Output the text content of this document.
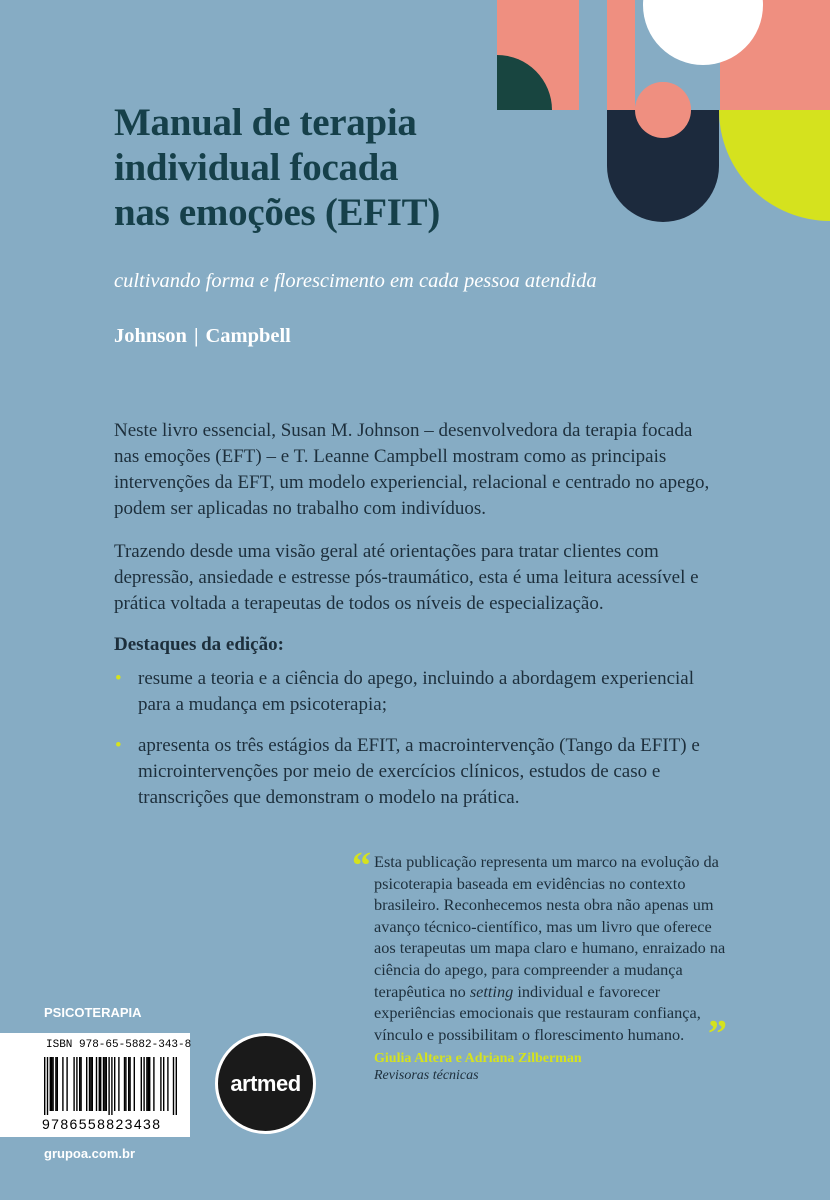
Manual de terapia
individual focada
nas emoções (EFIT)
cultivando forma e florescimento em cada pessoa atendida
Johnson | Campbell

Neste livro essencial, Susan M. Johnson – desenvolvedora da terapia focada nas emoções (EFT) – e T. Leanne Campbell mostram como as principais intervenções da EFT, um modelo experiencial, relacional e centrado no apego, podem ser aplicadas no trabalho com indivíduos.

Trazendo desde uma visão geral até orientações para tratar clientes com depressão, ansiedade e estresse pós-traumático, esta é uma leitura acessível e prática voltada a terapeutas de todos os níveis de especialização.

Destaques da edição:
• resume a teoria e a ciência do apego, incluindo a abordagem experiencial para a mudança em psicoterapia;
• apresenta os três estágios da EFIT, a macrointervenção (Tango da EFIT) e microintervenções por meio de exercícios clínicos, estudos de caso e transcrições que demonstram o modelo na prática.
“ Esta publicação representa um marco na evolução da psicoterapia baseada em evidências no contexto brasileiro. Reconhecemos nesta obra não apenas um avanço técnico-científico, mas um livro que oferece aos terapeutas um mapa claro e humano, enraizado na ciência do apego, para compreender a mudança terapêutica no setting individual e favorecer experiências emocionais que restauram confiança, vínculo e possibilitam o florescimento humano. ”
Giulia Altera e Adriana Zilberman
Revisoras técnicas
PSICOTERAPIA
ISBN 978-65-5882-343-8
9786558823438
artmed
grupoa.com.br
